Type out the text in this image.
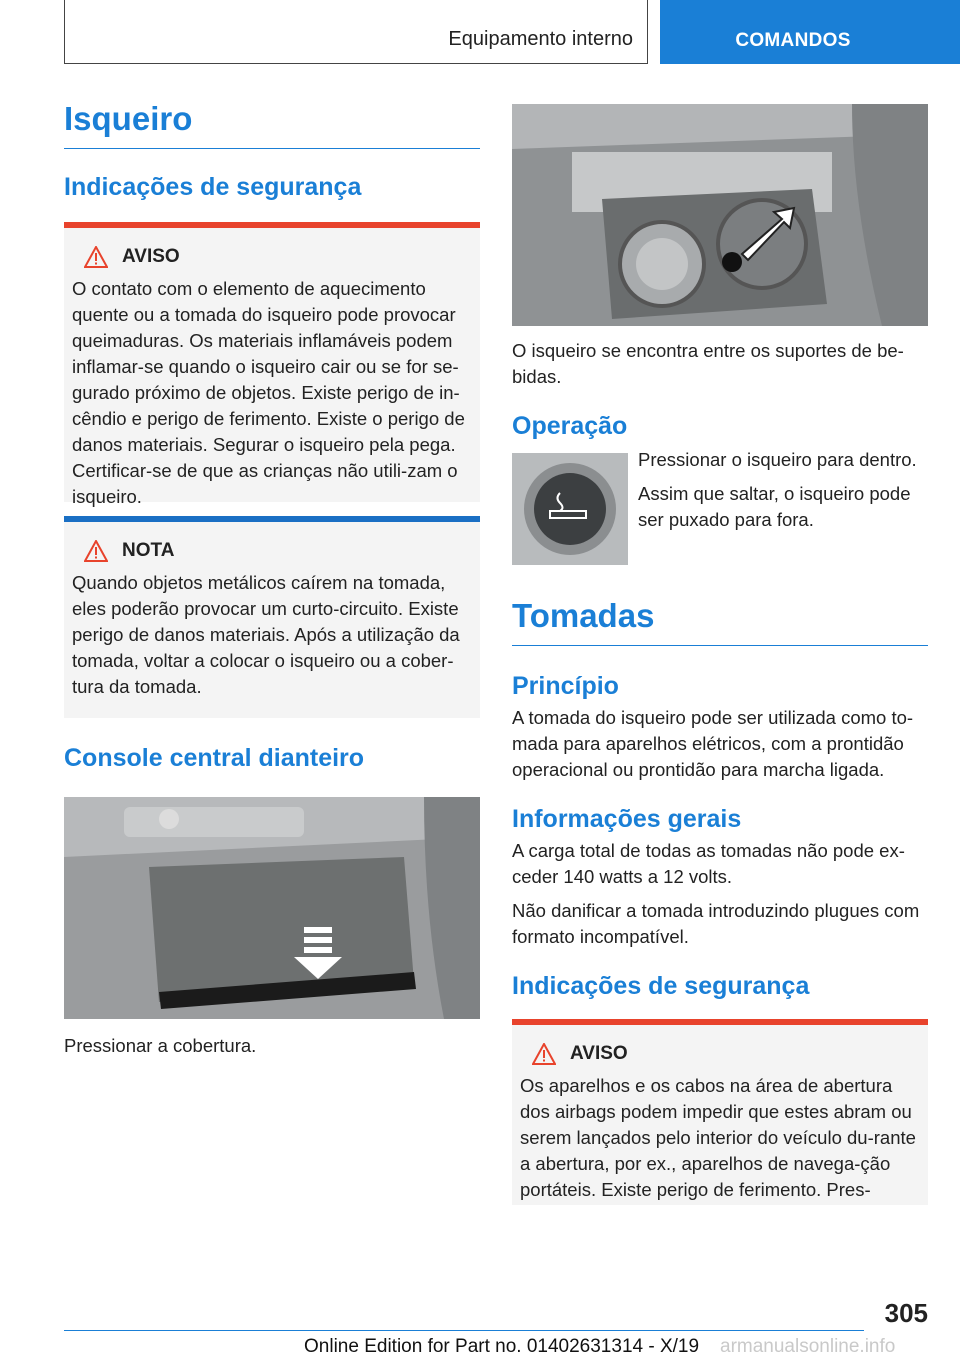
Equipamento interno	COMANDOS
Isqueiro
Indicações de segurança
AVISO

O contato com o elemento de aquecimento quente ou a tomada do isqueiro pode provocar queimaduras. Os materiais inflamáveis podem inflamar-se quando o isqueiro cair ou se for se-gurado próximo de objetos. Existe perigo de in-cêndio e perigo de ferimento. Existe o perigo de danos materiais. Segurar o isqueiro pela pega. Certificar-se de que as crianças não utili-zam o isqueiro.

NOTA

Quando objetos metálicos caírem na tomada, eles poderão provocar um curto-circuito. Existe perigo de danos materiais. Após a utilização da tomada, voltar a colocar o isqueiro ou a cober-tura da tomada.

Console central dianteiro

Pressionar a cobertura.

O isqueiro se encontra entre os suportes de be-bidas.

Operação

Pressionar o isqueiro para dentro.

Assim que saltar, o isqueiro pode ser puxado para fora.

Tomadas
Princípio

A tomada do isqueiro pode ser utilizada como to-mada para aparelhos elétricos, com a prontidão operacional ou prontidão para marcha ligada.

Informações gerais

A carga total de todas as tomadas não pode ex-ceder 140 watts a 12 volts.

Não danificar a tomada introduzindo plugues com formato incompatível.

Indicações de segurança
AVISO

Os aparelhos e os cabos na área de abertura dos airbags podem impedir que estes abram ou serem lançados pelo interior do veículo du-rante a abertura, por ex., aparelhos de navega-ção portáteis. Existe perigo de ferimento. Pres-

305
Online Edition for Part no. 01402631314 - X/19 armanualsonline.info
